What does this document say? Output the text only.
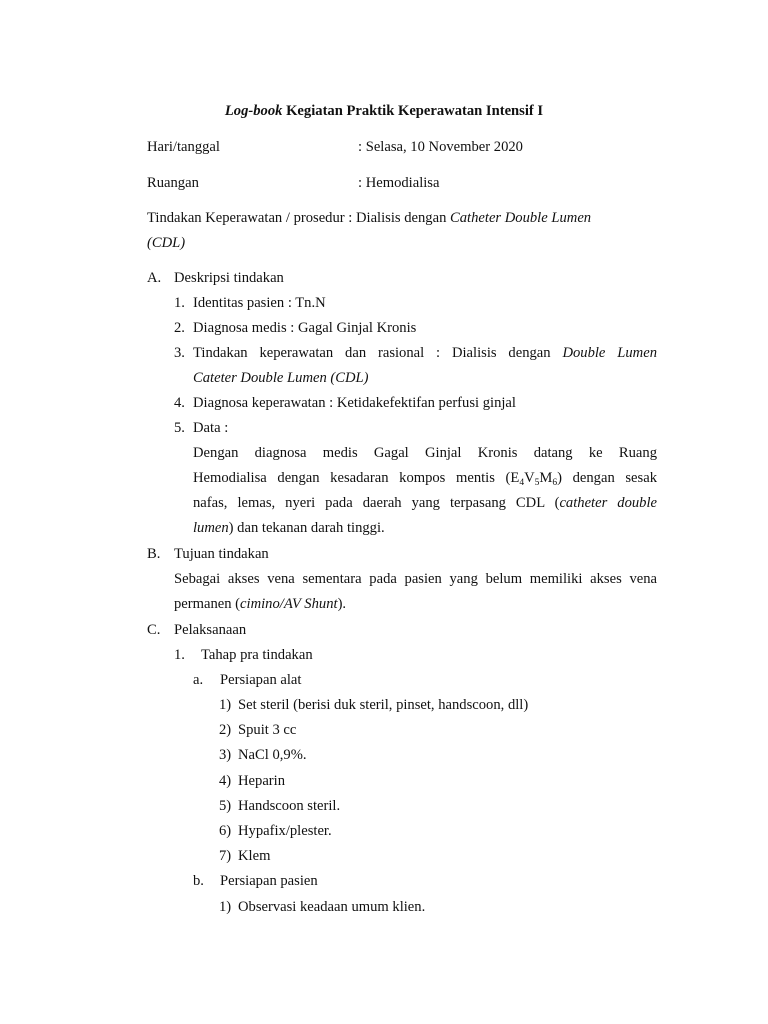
Log-book Kegiatan Praktik Keperawatan Intensif I
Hari/tanggal	: Selasa, 10 November 2020
Ruangan	: Hemodialisa
Tindakan Keperawatan / prosedur : Dialisis dengan Catheter Double Lumen
(CDL)
A. Deskripsi tindakan
1. Identitas pasien : Tn.N
2. Diagnosa medis : Gagal Ginjal Kronis
3. Tindakan keperawatan dan rasional : Dialisis dengan Double Lumen
Cateter Double Lumen (CDL)
4. Diagnosa keperawatan : Ketidakefektifan perfusi ginjal
5. Data :
Dengan diagnosa medis Gagal Ginjal Kronis datang ke Ruang
Hemodialisa dengan kesadaran kompos mentis $(E_4V_5M_6)$ dengan sesak
nafas, lemas, nyeri pada daerah yang terpasang CDL (catheter double
lumen) dan tekanan darah tinggi.
B. Tujuan tindakan
Sebagai akses vena sementara pada pasien yang belum memiliki akses vena
permanen (cimino/AV Shunt).
C. Pelaksanaan
1. Tahap pra tindakan
a. Persiapan alat
1) Set steril (berisi duk steril, pinset, handscoon, dll)
2) Spuit 3 cc
3) NaCl 0,9%.
4) Heparin
5) Handscoon steril.
6) Hypafix/plester.
7) Klem
b. Persiapan pasien
1) Observasi keadaan umum klien.
